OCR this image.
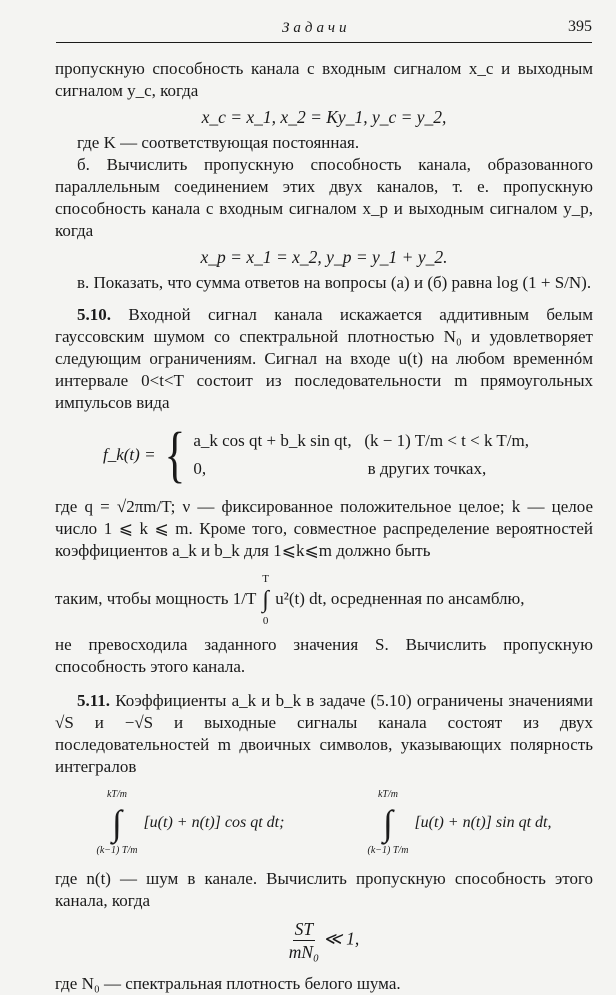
Задачи	395

пропускную способность канала с входным сигналом x_c и выходным сигналом y_c, когда

x_c = x_1, x_2 = Ky_1, y_c = y_2,

где K — соответствующая постоянная.

б. Вычислить пропускную способность канала, образованного параллельным соединением этих двух каналов, т. е. пропускную способность канала с входным сигналом x_p и выходным сигналом y_p, когда

x_p = x_1 = x_2, y_p = y_1 + y_2.

в. Показать, что сумма ответов на вопросы (а) и (б) равна log (1 + S/N).

5.10. Входной сигнал канала искажается аддитивным белым гауссовским шумом со спектральной плотностью N₀ и удовлетворяет следующим ограничениям. Сигнал на входе u(t) на любом временнóм интервале 0<t<T состоит из последовательности m прямоугольных импульсов вида

f_k(t) = { a_k cos qt + b_k sin qt,   (k − 1) T/m < t < k T/m,
0,                                      в других точках,

где q = √2πm/T; ν — фиксированное положительное целое; k — целое число 1 ⩽ k ⩽ m. Кроме того, совместное распределение вероятностей коэффициентов a_k и b_k для 1⩽k⩽m должно быть

таким, чтобы мощность 1/T
T
∫
0
u²(t) dt, осредненная по ансамблю,

не превосходила заданного значения S. Вычислить пропускную способность этого канала.

5.11. Коэффициенты a_k и b_k в задаче (5.10) ограничены значениями √S и −√S и выходные сигналы канала состоят из двух последовательностей m двоичных символов, указывающих полярность интегралов

kT/m
∫
(k−1) T/m
[u(t) + n(t)] cos qt dt;
kT/m
∫
(k−1) T/m
[u(t) + n(t)] sin qt dt,

где n(t) — шум в канале. Вычислить пропускную способность этого канала, когда

$\frac{ST}{\text{mN₀}}$ ≪ 1,

где N₀ — спектральная плотность белого шума.
